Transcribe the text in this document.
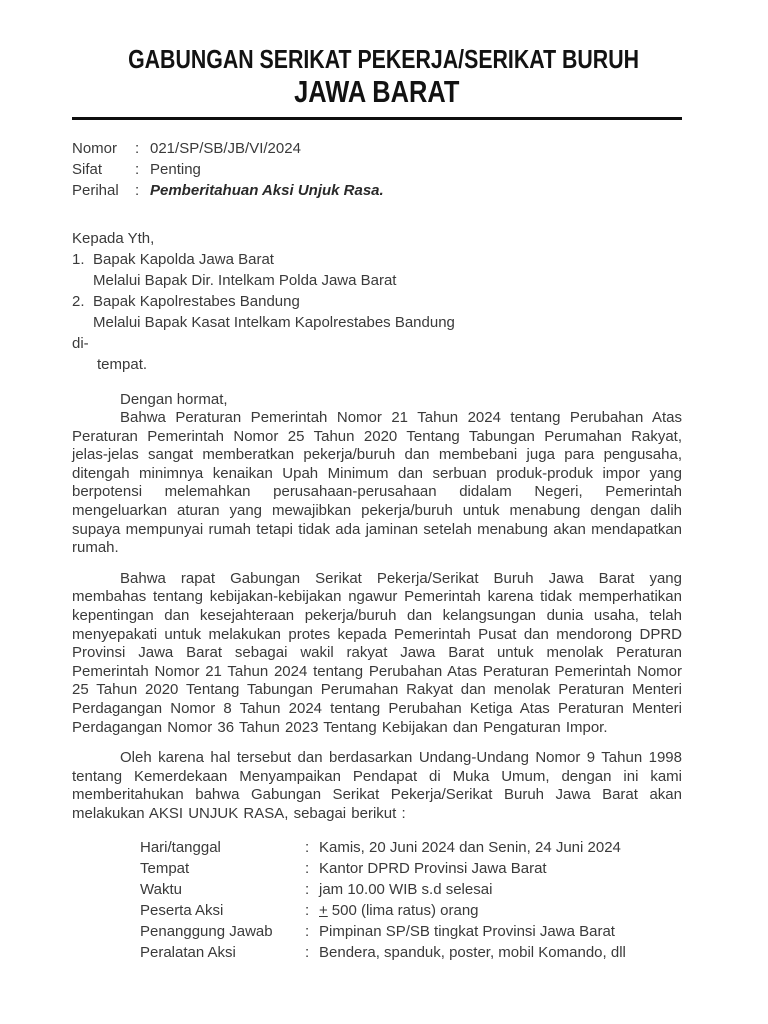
GABUNGAN SERIKAT PEKERJA/SERIKAT BURUH
JAWA BARAT
Nomor	: 021/SP/SB/JB/VI/2024
Sifat	: Penting
Perihal	: Pemberitahuan Aksi Unjuk Rasa.
Kepada Yth,
1. Bapak Kapolda Jawa Barat
Melalui Bapak Dir. Intelkam Polda Jawa Barat
2. Bapak Kapolrestabes Bandung
Melalui Bapak Kasat Intelkam Kapolrestabes Bandung
di-
tempat.
Dengan hormat,

Bahwa Peraturan Pemerintah Nomor 21 Tahun 2024 tentang Perubahan Atas Peraturan Pemerintah Nomor 25 Tahun 2020 Tentang Tabungan Perumahan Rakyat, jelas-jelas sangat memberatkan pekerja/buruh dan membebani juga para pengusaha, ditengah minimnya kenaikan Upah Minimum dan serbuan produk-produk impor yang berpotensi melemahkan perusahaan-perusahaan didalam Negeri, Pemerintah mengeluarkan aturan yang mewajibkan pekerja/buruh untuk menabung dengan dalih supaya mempunyai rumah tetapi tidak ada jaminan setelah menabung akan mendapatkan rumah.

Bahwa rapat Gabungan Serikat Pekerja/Serikat Buruh Jawa Barat yang membahas tentang kebijakan-kebijakan ngawur Pemerintah karena tidak memperhatikan kepentingan dan kesejahteraan pekerja/buruh dan kelangsungan dunia usaha, telah menyepakati untuk melakukan protes kepada Pemerintah Pusat dan mendorong DPRD Provinsi Jawa Barat sebagai wakil rakyat Jawa Barat untuk menolak Peraturan Pemerintah Nomor 21 Tahun 2024 tentang Perubahan Atas Peraturan Pemerintah Nomor 25 Tahun 2020 Tentang Tabungan Perumahan Rakyat dan menolak Peraturan Menteri Perdagangan Nomor 8 Tahun 2024 tentang Perubahan Ketiga Atas Peraturan Menteri Perdagangan Nomor 36 Tahun 2023 Tentang Kebijakan dan Pengaturan Impor.

Oleh karena hal tersebut dan berdasarkan Undang-Undang Nomor 9 Tahun 1998 tentang Kemerdekaan Menyampaikan Pendapat di Muka Umum, dengan ini kami memberitahukan bahwa Gabungan Serikat Pekerja/Serikat Buruh Jawa Barat akan melakukan AKSI UNJUK RASA, sebagai berikut :

Hari/tanggal	: Kamis, 20 Juni 2024 dan Senin, 24 Juni 2024
Tempat	: Kantor DPRD Provinsi Jawa Barat
Waktu	: jam 10.00 WIB s.d selesai
Peserta Aksi	: + 500 (lima ratus) orang
Penanggung Jawab	: Pimpinan SP/SB tingkat Provinsi Jawa Barat
Peralatan Aksi	: Bendera, spanduk, poster, mobil Komando, dll
